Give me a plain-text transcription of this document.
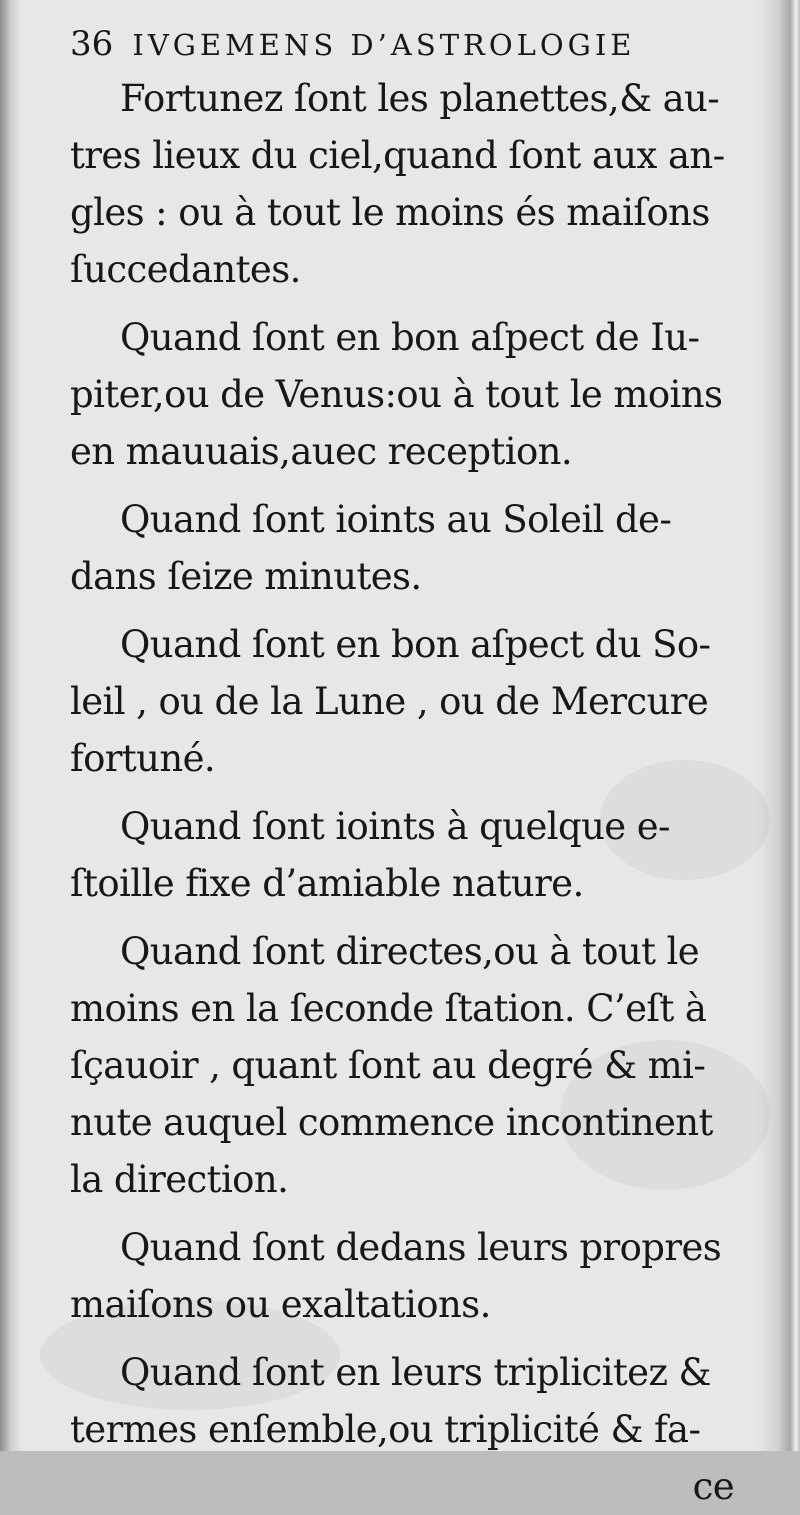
36 IVGEMENS D’ASTROLOGIE
Fortunez ſont les planettes,& au-
tres lieux du ciel,quand ſont aux an-
gles : ou à tout le moins és maiſons
ſuccedantes.
Quand ſont en bon aſpect de Iu-
piter,ou de Venus:ou à tout le moins
en mauuais,auec reception.
Quand ſont ioints au Soleil de-
dans ſeize minutes.
Quand ſont en bon aſpect du So-
leil , ou de la Lune , ou de Mercure
fortuné.
Quand ſont ioints à quelque e-
ſtoille fixe d’amiable nature.
Quand ſont directes,ou à tout le
moins en la ſeconde ſtation. C’eſt à
ſçauoir , quant ſont au degré & mi-
nute auquel commence incontinent
la direction.
Quand ſont dedans leurs propres
maiſons ou exaltations.
Quand ſont en leurs triplicitez &
termes enſemble,ou triplicité & fa-
ce
